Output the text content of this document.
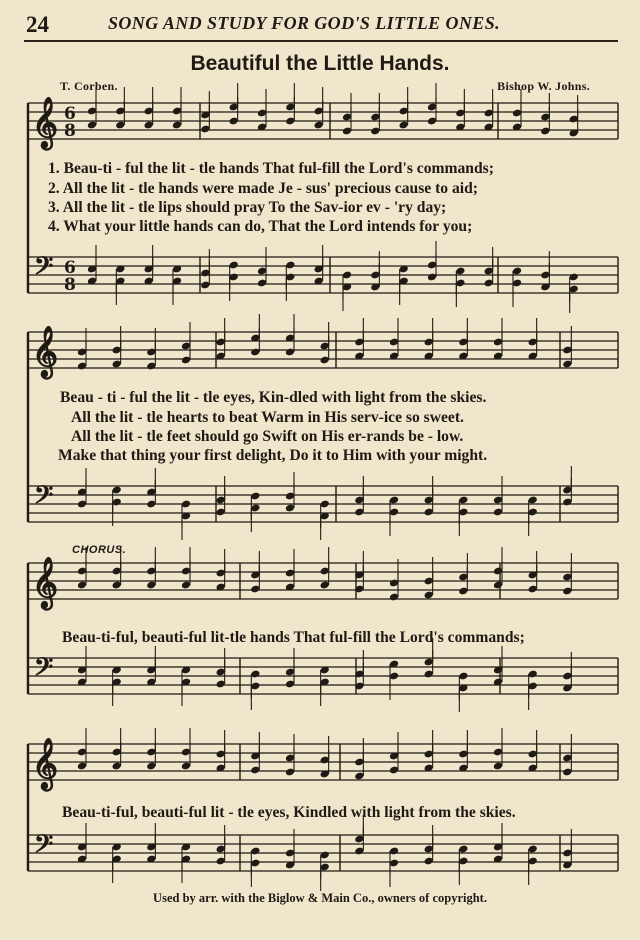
24	SONG AND STUDY FOR GOD'S LITTLE ONES.
Beautiful the Little Hands.
T. Corben.	Bishop W. Johns.
𝄞
𝄢
6
8
6
8
𝄞
𝄢
𝄞
𝄢
𝄞
𝄢
1. Beau-ti - ful the lit - tle hands That ful-fill the Lord's commands;
2. All the lit - tle hands were made Je - sus' precious cause to aid;
3. All the lit - tle lips should pray To the Sav-ior ev - 'ry day;
4. What your little hands can do, That the Lord intends for you;
Beau - ti - ful the lit - tle eyes, Kin-dled with light from the skies.
All the lit - tle hearts to beat Warm in His serv-ice so sweet.
All the lit - tle feet should go Swift on His er-rands be - low.
Make that thing your first delight, Do it to Him with your might.
CHORUS.
Beau-ti-ful, beauti-ful lit-tle hands That ful-fill the Lord's commands;
Beau-ti-ful, beauti-ful lit - tle eyes, Kindled with light from the skies.
Used by arr. with the Biglow & Main Co., owners of copyright.
